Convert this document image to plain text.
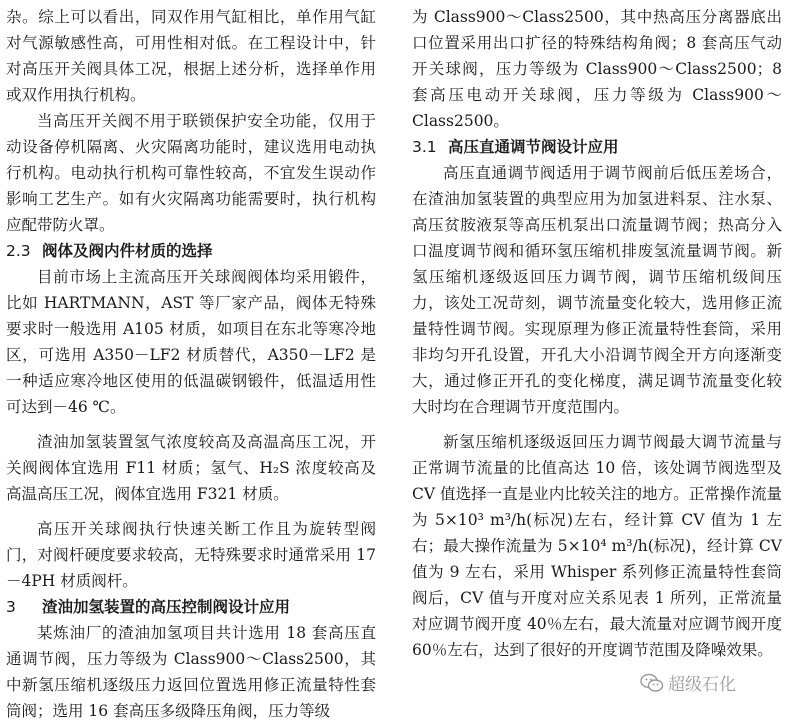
杂。综上可以看出，同双作用气缸相比，单作用气缸对气源敏感性高，可用性相对低。在工程设计中，针对高压开关阀具体工况，根据上述分析，选择单作用或双作用执行机构。

当高压开关阀不用于联锁保护安全功能，仅用于动设备停机隔离、火灾隔离功能时，建议选用电动执行机构。电动执行机构可靠性较高，不宜发生误动作影响工艺生产。如有火灾隔离功能需要时，执行机构应配带防火罩。

2.3 阀体及阀内件材质的选择

目前市场上主流高压开关球阀阀体均采用锻件，比如 HARTMANN，AST 等厂家产品，阀体无特殊要求时一般选用 A105 材质，如项目在东北等寒冷地区，可选用 A350－LF2 材质替代，A350－LF2 是一种适应寒冷地区使用的低温碳钢锻件，低温适用性可达到－46 ℃。

渣油加氢装置氢气浓度较高及高温高压工况，开关阀阀体宜选用 F11 材质；氢气、H₂S 浓度较高及高温高压工况，阀体宜选用 F321 材质。

高压开关球阀执行快速关断工作且为旋转型阀门，对阀杆硬度要求较高，无特殊要求时通常采用 17－4PH 材质阀杆。

3 渣油加氢装置的高压控制阀设计应用

某炼油厂的渣油加氢项目共计选用 18 套高压直通调节阀，压力等级为 Class900～Class2500，其中新氢压缩机逐级压力返回位置选用修正流量特性套筒阀；选用 16 套高压多级降压角阀，压力等级

为 Class900～Class2500，其中热高压分离器底出口位置采用出口扩径的特殊结构角阀；8 套高压气动开关球阀，压力等级为 Class900～Class2500；8 套高压电动开关球阀，压力等级为 Class900～Class2500。

3.1 高压直通调节阀设计应用

高压直通调节阀适用于调节阀前后低压差场合，在渣油加氢装置的典型应用为加氢进料泵、注水泵、高压贫胺液泵等高压机泵出口流量调节阀；热高分入口温度调节阀和循环氢压缩机排废氢流量调节阀。新氢压缩机逐级返回压力调节阀，调节压缩机级间压力，该处工况苛刻，调节流量变化较大，选用修正流量特性调节阀。实现原理为修正流量特性套筒，采用非均匀开孔设置，开孔大小沿调节阀全开方向逐渐变大，通过修正开孔的变化梯度，满足调节流量变化较大时均在合理调节开度范围内。

新氢压缩机逐级返回压力调节阀最大调节流量与正常调节流量的比值高达 10 倍，该处调节阀选型及 CV 值选择一直是业内比较关注的地方。正常操作流量为 5×10³ m³/h(标况)左右，经计算 CV 值为 1 左右；最大操作流量为 5×10⁴ m³/h(标况)，经计算 CV 值为 9 左右，采用 Whisper 系列修正流量特性套筒阀后，CV 值与开度对应关系见表 1 所列，正常流量对应调节阀开度 40％左右，最大流量对应调节阀开度 60％左右，达到了很好的开度调节范围及降噪效果。

超级石化
